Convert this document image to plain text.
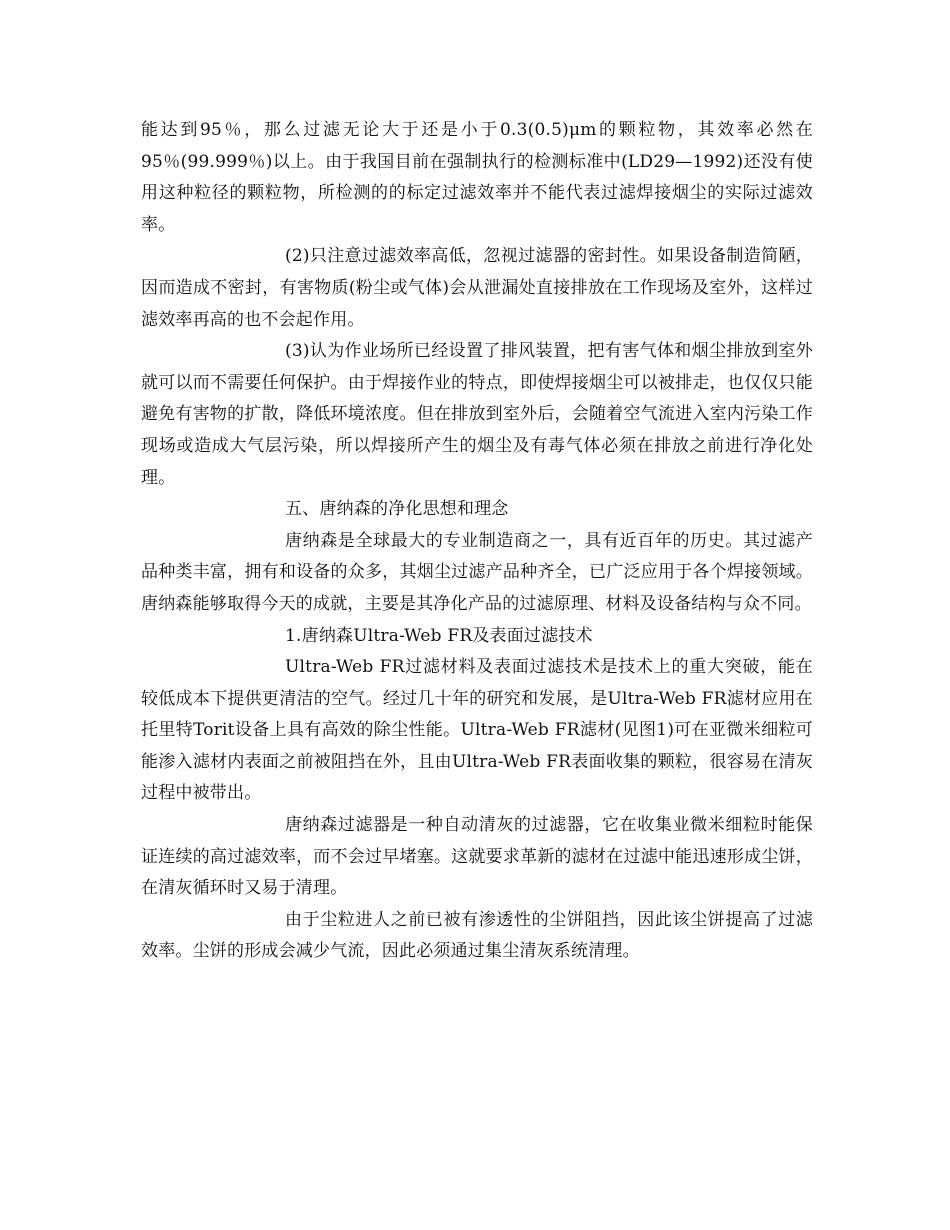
能达到95％，那么过滤无论大于还是小于0.3(0.5)μm的颗粒物，其效率必然在95％(99.999％)以上。由于我国目前在强制执行的检测标准中(LD29—1992)还没有使用这种粒径的颗粒物，所检测的的标定过滤效率并不能代表过滤焊接烟尘的实际过滤效率。

(2)只注意过滤效率高低，忽视过滤器的密封性。如果设备制造简陋，因而造成不密封，有害物质(粉尘或气体)会从泄漏处直接排放在工作现场及室外，这样过滤效率再高的也不会起作用。

(3)认为作业场所已经设置了排风装置，把有害气体和烟尘排放到室外就可以而不需要任何保护。由于焊接作业的特点，即使焊接烟尘可以被排走，也仅仅只能避免有害物的扩散，降低环境浓度。但在排放到室外后，会随着空气流进入室内污染工作现场或造成大气层污染，所以焊接所产生的烟尘及有毒气体必须在排放之前进行净化处理。

五、唐纳森的净化思想和理念

唐纳森是全球最大的专业制造商之一，具有近百年的历史。其过滤产品种类丰富，拥有和设备的众多，其烟尘过滤产品种齐全，已广泛应用于各个焊接领域。唐纳森能够取得今天的成就，主要是其净化产品的过滤原理、材料及设备结构与众不同。

1.唐纳森Ultra-Web FR及表面过滤技术

Ultra-Web FR过滤材料及表面过滤技术是技术上的重大突破，能在较低成本下提供更清洁的空气。经过几十年的研究和发展，是Ultra-Web FR滤材应用在托里特Torit设备上具有高效的除尘性能。Ultra-Web FR滤材(见图1)可在亚微米细粒可能渗入滤材内表面之前被阻挡在外，且由Ultra-Web FR表面收集的颗粒，很容易在清灰过程中被带出。

唐纳森过滤器是一种自动清灰的过滤器，它在收集业微米细粒时能保证连续的高过滤效率，而不会过早堵塞。这就要求革新的滤材在过滤中能迅速形成尘饼，在清灰循环时又易于清理。

由于尘粒进人之前已被有渗透性的尘饼阻挡，因此该尘饼提高了过滤效率。尘饼的形成会减少气流，因此必须通过集尘清灰系统清理。
